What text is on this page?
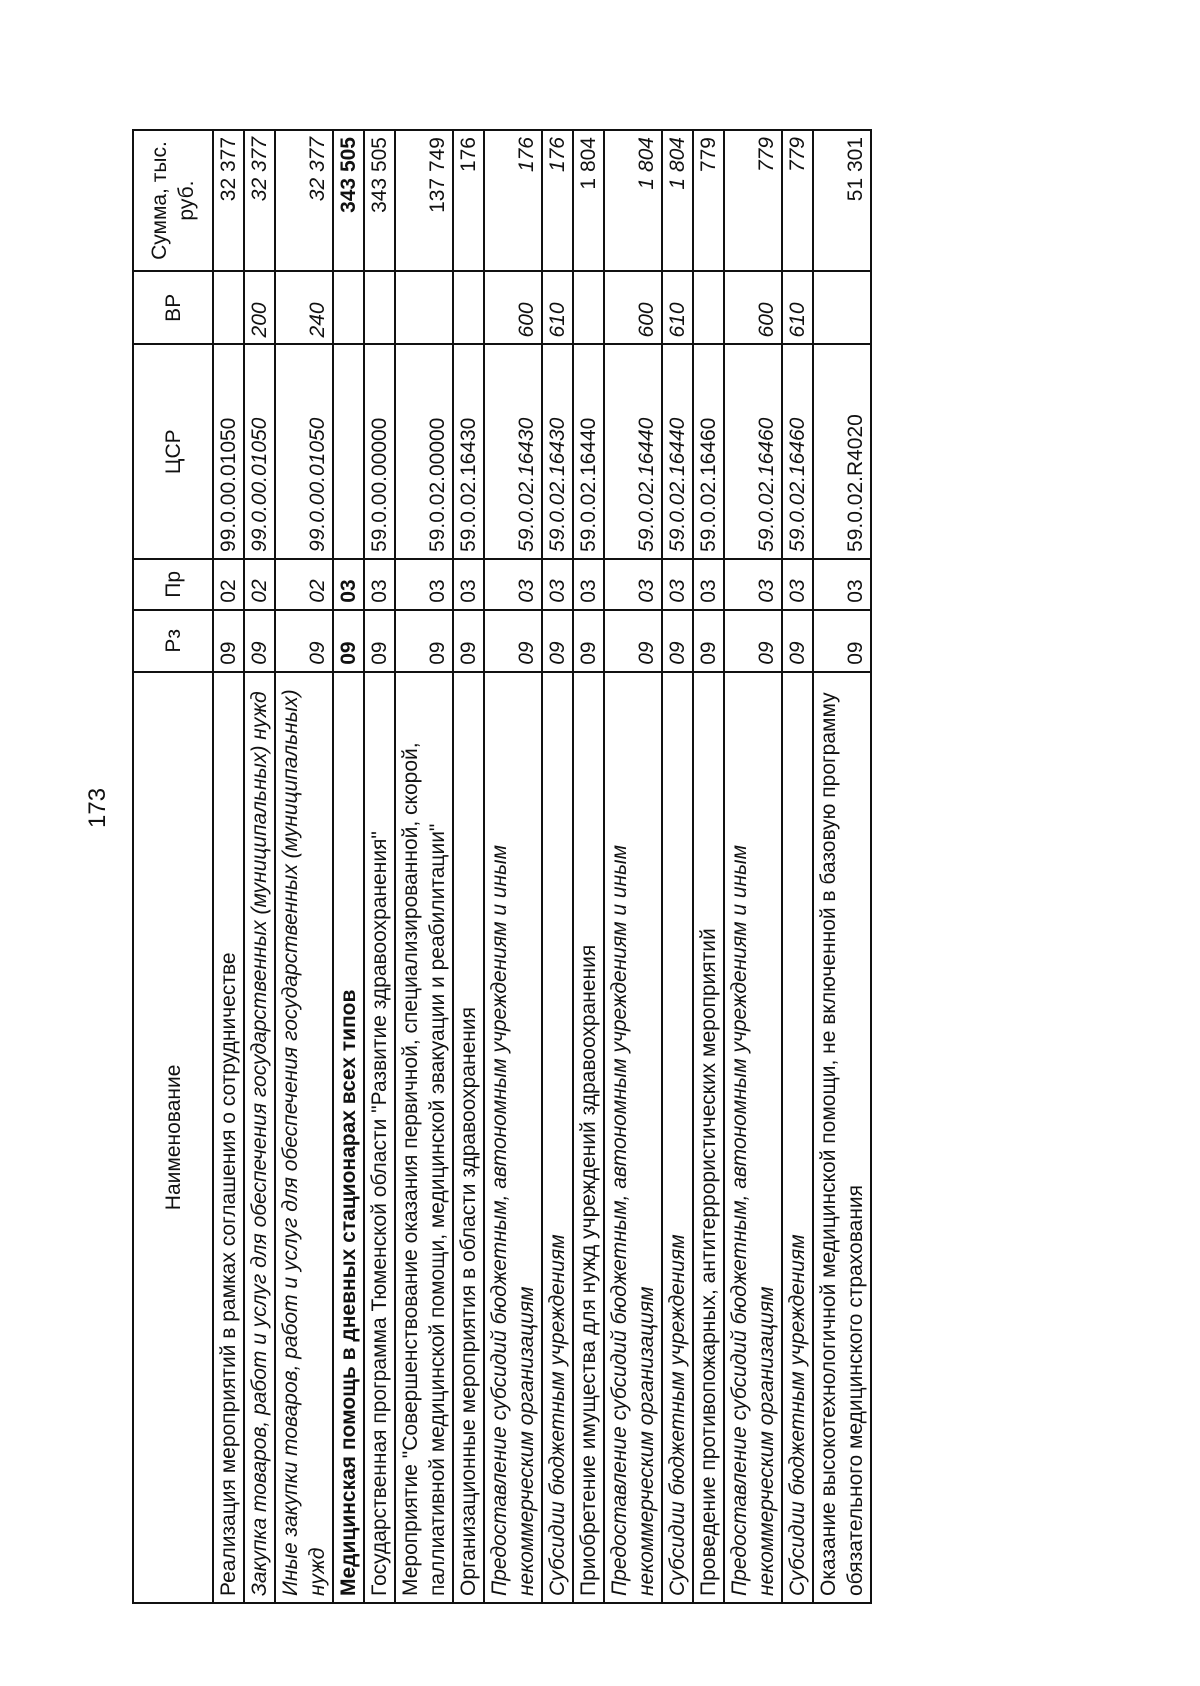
173
Наименование	Рз	Пр	ЦСР	ВР	Сумма, тыс. руб.
Реализация мероприятий в рамках соглашения о сотрудничестве	09	02	99.0.00.01050		32 377
Закупка товаров, работ и услуг для обеспечения государственных (муниципальных) нужд	09	02	99.0.00.01050	200	32 377
Иные закупки товаров, работ и услуг для обеспечения государственных (муниципальных) нужд	09	02	99.0.00.01050	240	32 377
Медицинская помощь в дневных стационарах всех типов	09	03			343 505
Государственная программа Тюменской области "Развитие здравоохранения"	09	03	59.0.00.00000		343 505
Мероприятие "Совершенствование оказания первичной, специализированной, скорой, паллиативной медицинской помощи, медицинской эвакуации и реабилитации"	09	03	59.0.02.00000		137 749
Организационные мероприятия в области здравоохранения	09	03	59.0.02.16430		176
Предоставление субсидий бюджетным, автономным учреждениям и иным некоммерческим организациям	09	03	59.0.02.16430	600	176
Субсидии бюджетным учреждениям	09	03	59.0.02.16430	610	176
Приобретение имущества для нужд учреждений здравоохранения	09	03	59.0.02.16440		1 804
Предоставление субсидий бюджетным, автономным учреждениям и иным некоммерческим организациям	09	03	59.0.02.16440	600	1 804
Субсидии бюджетным учреждениям	09	03	59.0.02.16440	610	1 804
Проведение противопожарных, антитеррористических мероприятий	09	03	59.0.02.16460		779
Предоставление субсидий бюджетным, автономным учреждениям и иным некоммерческим организациям	09	03	59.0.02.16460	600	779
Субсидии бюджетным учреждениям	09	03	59.0.02.16460	610	779
Оказание высокотехнологичной медицинской помощи, не включенной в базовую программу обязательного медицинского страхования	09	03	59.0.02.R4020		51 301
